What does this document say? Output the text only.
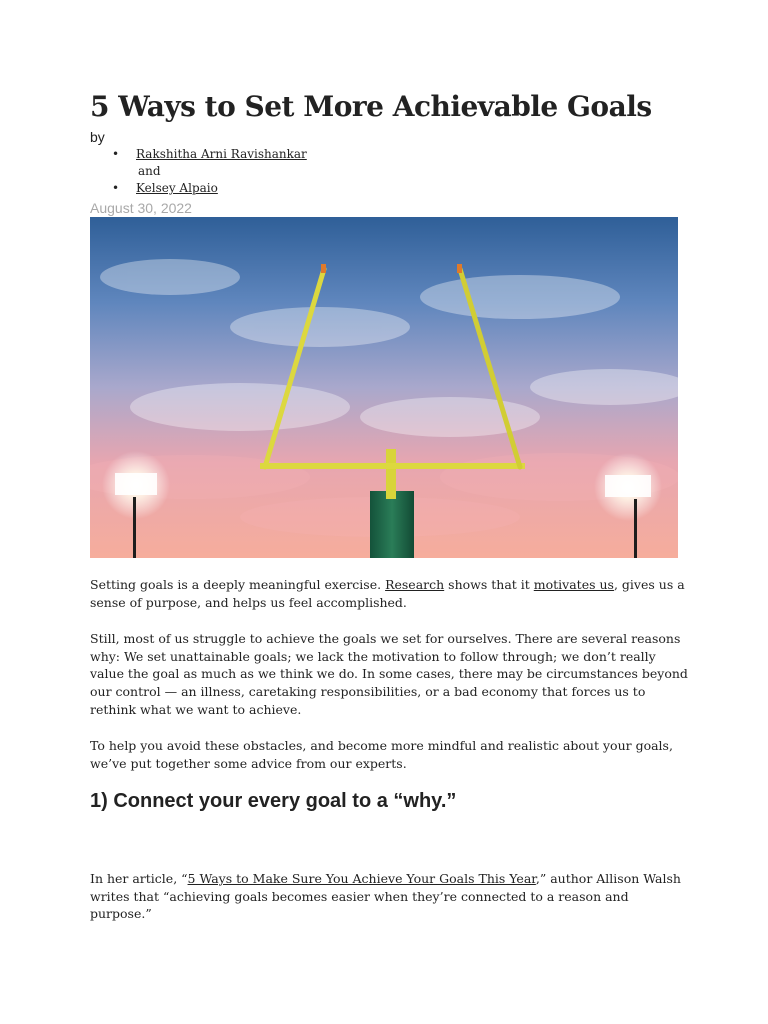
5 Ways to Set More Achievable Goals
by
• Rakshitha Arni Ravishankar
and
• Kelsey Alpaio
August 30, 2022

Setting goals is a deeply meaningful exercise. Research shows that it motivates us, gives us a sense of purpose, and helps us feel accomplished.

Still, most of us struggle to achieve the goals we set for ourselves. There are several reasons why: We set unattainable goals; we lack the motivation to follow through; we don’t really value the goal as much as we think we do. In some cases, there may be circumstances beyond our control — an illness, caretaking responsibilities, or a bad economy that forces us to rethink what we want to achieve.

To help you avoid these obstacles, and become more mindful and realistic about your goals, we’ve put together some advice from our experts.

1) Connect your every goal to a “why.”

In her article, “5 Ways to Make Sure You Achieve Your Goals This Year,” author Allison Walsh writes that “achieving goals becomes easier when they’re connected to a reason and purpose.”
